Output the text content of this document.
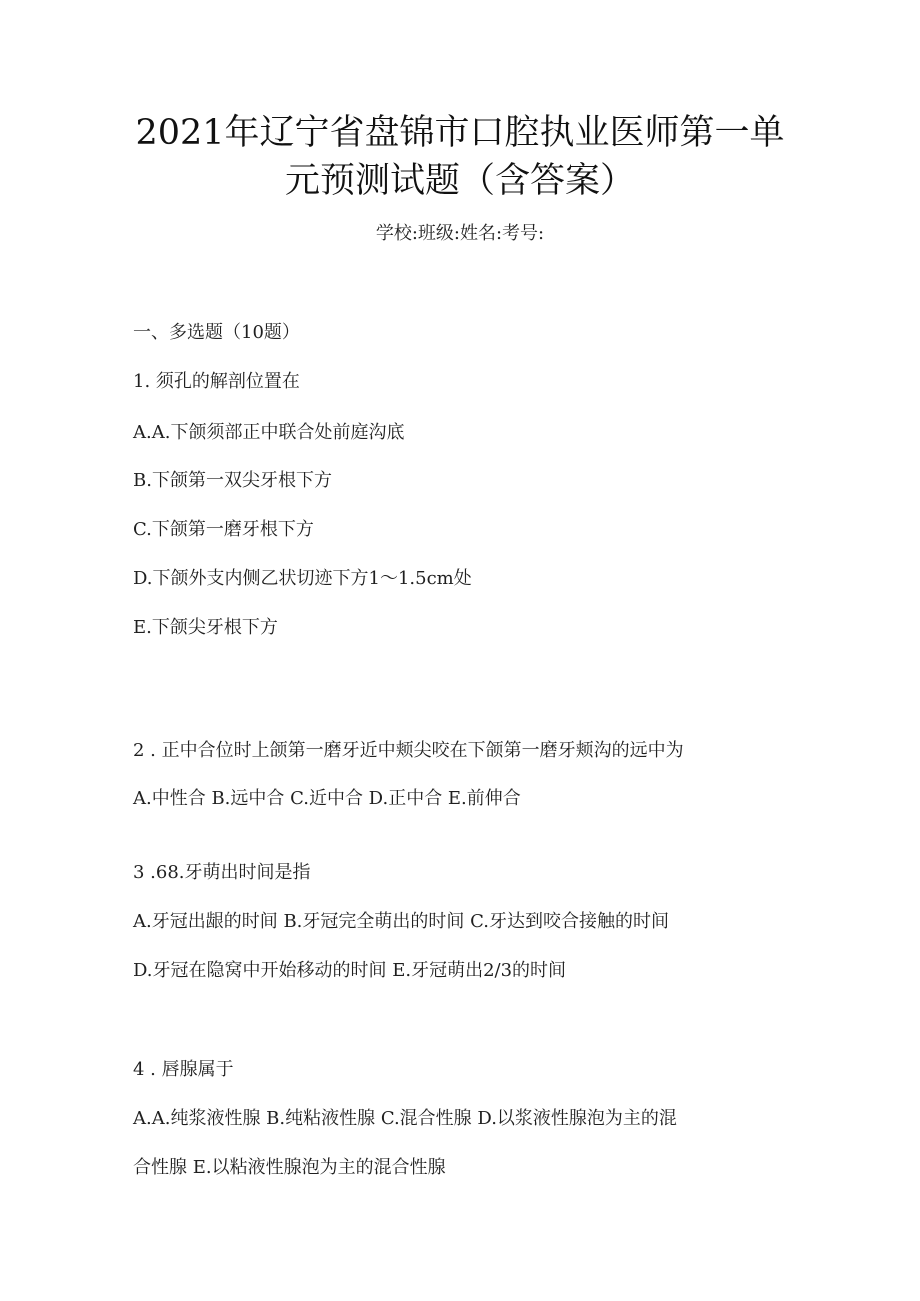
2021年辽宁省盘锦市口腔执业医师第一单
元预测试题（含答案）
学校:班级:姓名:考号:
一、多选题（10题）
1. 须孔的解剖位置在
A.A.下颌须部正中联合处前庭沟底
B.下颌第一双尖牙根下方
C.下颌第一磨牙根下方
D.下颌外支内侧乙状切迹下方1～1.5cm处
E.下颌尖牙根下方
2 . 正中合位时上颌第一磨牙近中颊尖咬在下颌第一磨牙颊沟的远中为
A.中性合 B.远中合 C.近中合 D.正中合 E.前伸合
3 .68.牙萌出时间是指
A.牙冠出龈的时间 B.牙冠完全萌出的时间 C.牙达到咬合接触的时间
D.牙冠在隐窝中开始移动的时间 E.牙冠萌出2/3的时间
4 . 唇腺属于
A.A.纯浆液性腺 B.纯粘液性腺 C.混合性腺 D.以浆液性腺泡为主的混
合性腺 E.以粘液性腺泡为主的混合性腺
